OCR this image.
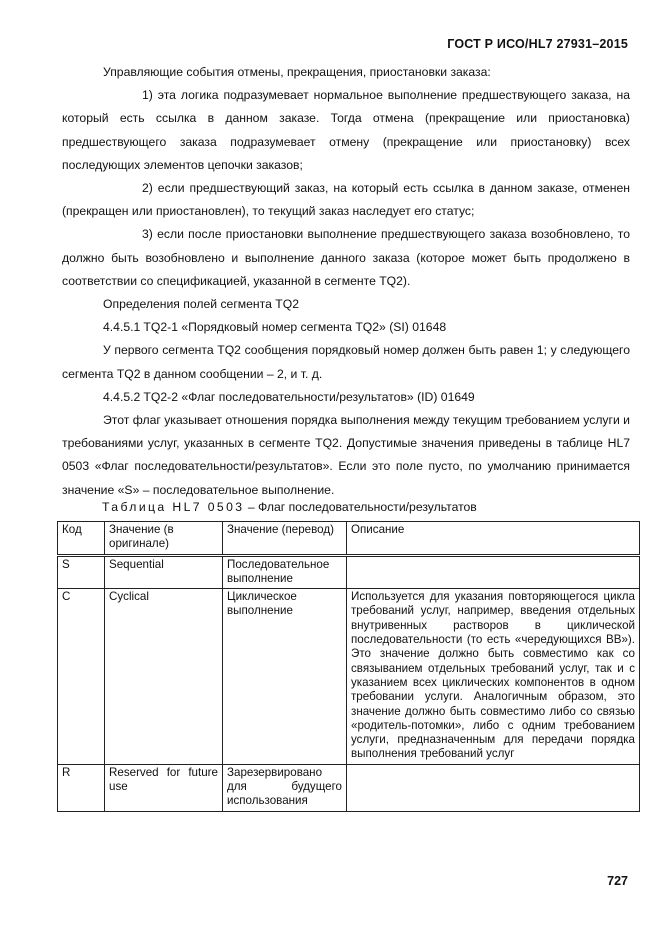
ГОСТ Р ИСО/HL7 27931–2015

Управляющие события отмены, прекращения, приостановки заказа:

1) эта логика подразумевает нормальное выполнение предшествующего заказа, на который есть ссылка в данном заказе. Тогда отмена (прекращение или приостановка) предшествующего заказа подразумевает отмену (прекращение или приостановку) всех последующих элементов цепочки заказов;

2) если предшествующий заказ, на который есть ссылка в данном заказе, отменен (прекращен или приостановлен), то текущий заказ наследует его статус;

3) если после приостановки выполнение предшествующего заказа возобновлено, то должно быть возобновлено и выполнение данного заказа (которое может быть продолжено в соответствии со спецификацией, указанной в сегменте TQ2).

Определения полей сегмента TQ2

4.4.5.1 TQ2-1 «Порядковый номер сегмента TQ2» (SI) 01648

У первого сегмента TQ2 сообщения порядковый номер должен быть равен 1; у следующего сегмента TQ2 в данном сообщении – 2, и т. д.

4.4.5.2 TQ2-2 «Флаг последовательности/результатов» (ID) 01649

Этот флаг указывает отношения порядка выполнения между текущим требованием услуги и требованиями услуг, указанных в сегменте TQ2. Допустимые значения приведены в таблице HL7 0503 «Флаг последовательности/результатов». Если это поле пусто, по умолчанию принимается значение «S» – последовательное выполнение.

Таблица HL7 0503 – Флаг последовательности/результатов
Код	Значение (в оригинале)	Значение (перевод)	Описание
S	Sequential	Последовательное выполнение	
C	Cyclical	Циклическое выполнение	Используется для указания повторяющегося цикла требований услуг, например, введения отдельных внутривенных растворов в циклической последовательности (то есть «чередующихся BB»). Это значение должно быть совместимо как со связыванием отдельных требований услуг, так и с указанием всех циклических компонентов в одном требовании услуги. Аналогичным образом, это значение должно быть совместимо либо со связью «родитель-потомки», либо с одним требованием услуги, предназначенным для передачи порядка выполнения требований услуг
R	Reserved for future use	Зарезервировано для будущего использования	
727
